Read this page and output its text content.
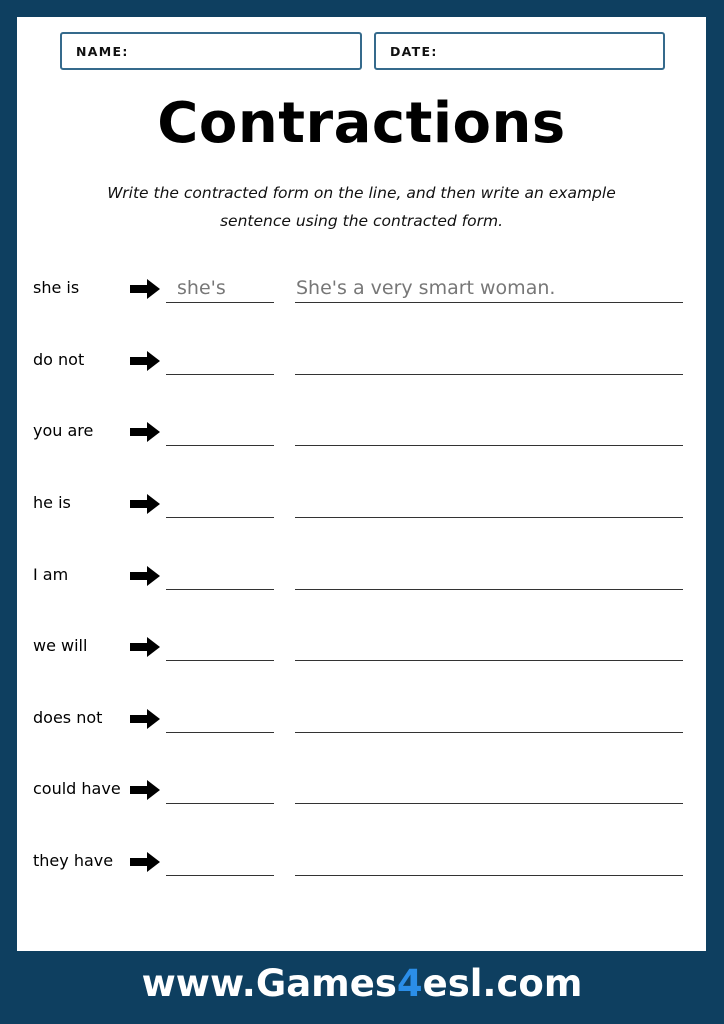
NAME:	DATE:
Contractions
Write the contracted form on the line, and then write an example
sentence using the contracted form.
she is	she's	She's a very smart woman.
do not
you are
he is
I am
we will
does not
could have
they have
www.Games4esl.com
